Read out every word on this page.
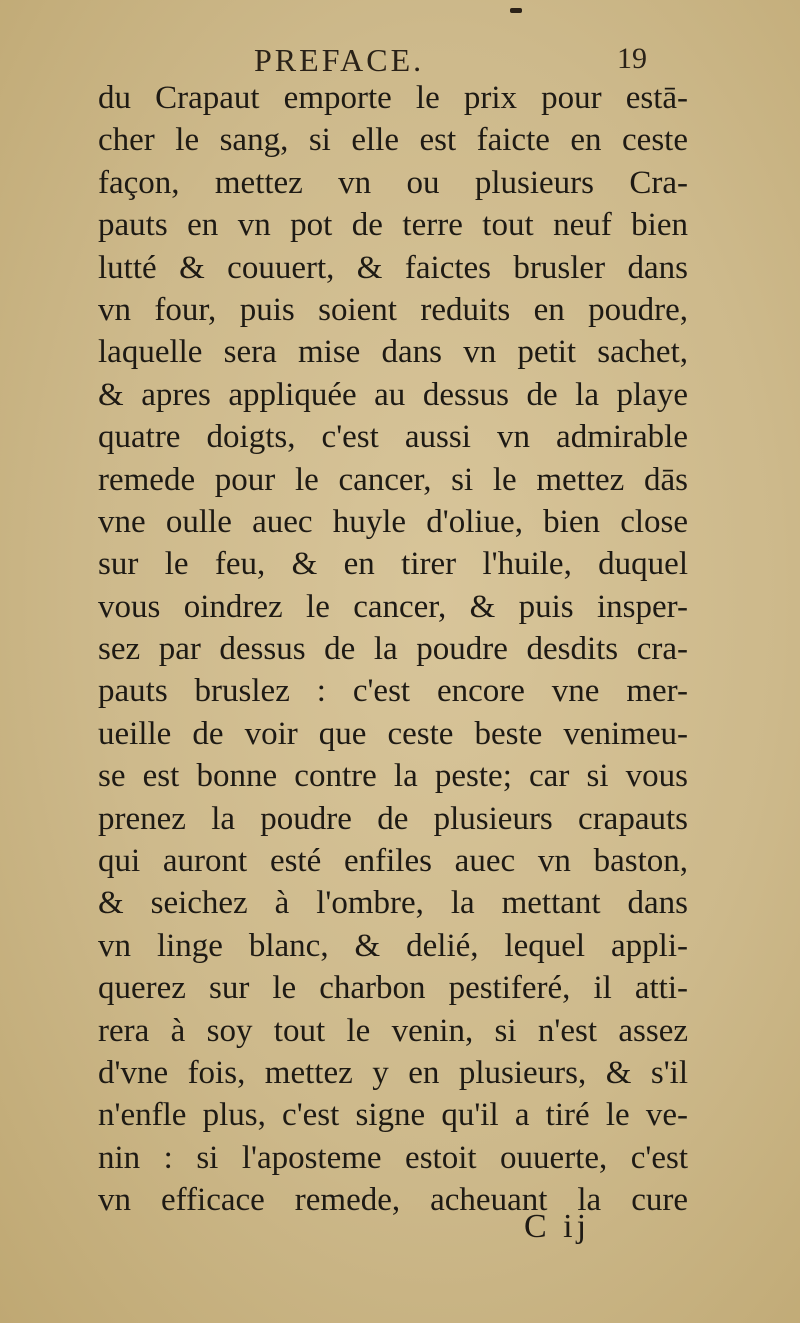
PREFACE.	19
du Crapaut emporte le prix pour estā-
cher le sang, si elle est faicte en ceste
façon, mettez vn ou plusieurs Cra-
pauts en vn pot de terre tout neuf bien
lutté & couuert, & faictes brusler dans
vn four, puis soient reduits en poudre,
laquelle sera mise dans vn petit sachet,
& apres appliquée au dessus de la playe
quatre doigts, c'est aussi vn admirable
remede pour le cancer, si le mettez dās
vne oulle auec huyle d'oliue, bien close
sur le feu, & en tirer l'huile, duquel
vous oindrez le cancer, & puis insper-
sez par dessus de la poudre desdits cra-
pauts bruslez : c'est encore vne mer-
ueille de voir que ceste beste venimeu-
se est bonne contre la peste; car si vous
prenez la poudre de plusieurs crapauts
qui auront esté enfiles auec vn baston,
& seichez à l'ombre, la mettant dans
vn linge blanc, & delié, lequel appli-
querez sur le charbon pestiferé, il atti-
rera à soy tout le venin, si n'est assez
d'vne fois, mettez y en plusieurs, & s'il
n'enfle plus, c'est signe qu'il a tiré le ve-
nin : si l'aposteme estoit ouuerte, c'est
vn efficace remede, acheuant la cure
C ij
